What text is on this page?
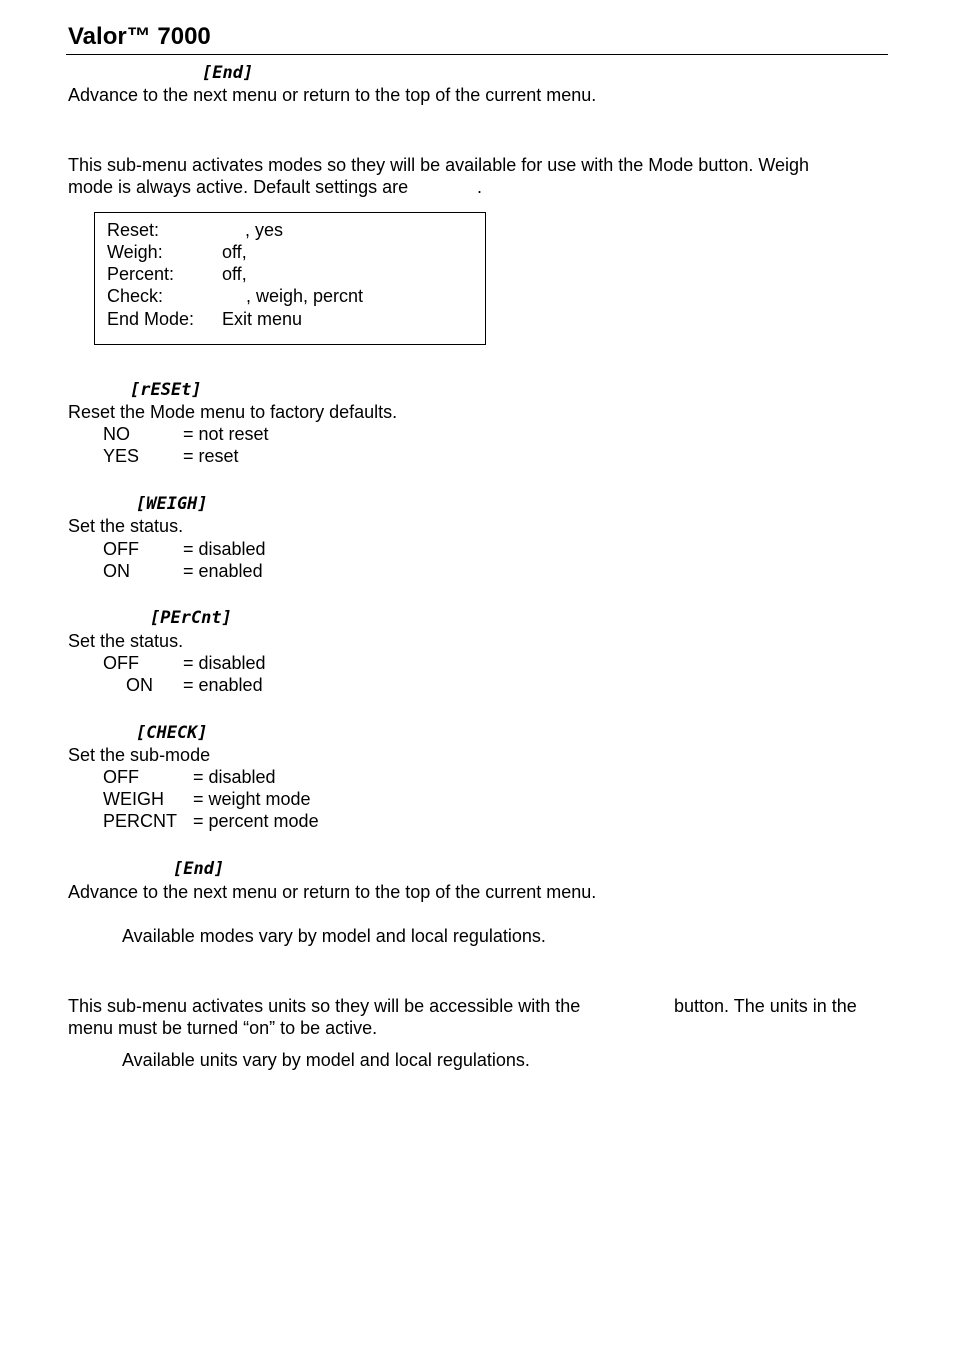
Valor™ 7000
[End]
Advance to the next menu or return to the top of the current menu.
This sub-menu activates modes so they will be available for use with the Mode button. Weigh
mode is always active. Default settings are	.
Reset:	, yes
Weigh:	off,
Percent:	off,
Check:	, weigh, percnt
End Mode: Exit menu
[rESEt]
Reset the Mode menu to factory defaults.
NO	= not reset
YES = reset
[WEIGH]
Set the status.
OFF = disabled
ON	= enabled
[PErCnt]
Set the status.
OFF = disabled
ON = enabled
[CHECK]
Set the sub-mode
OFF	= disabled
WEIGH = weight mode
PERCNT = percent mode
[End]
Advance to the next menu or return to the top of the current menu.
Available modes vary by model and local regulations.
This sub-menu activates units so they will be accessible with the	button. The units in the
menu must be turned “on” to be active.
Available units vary by model and local regulations.
